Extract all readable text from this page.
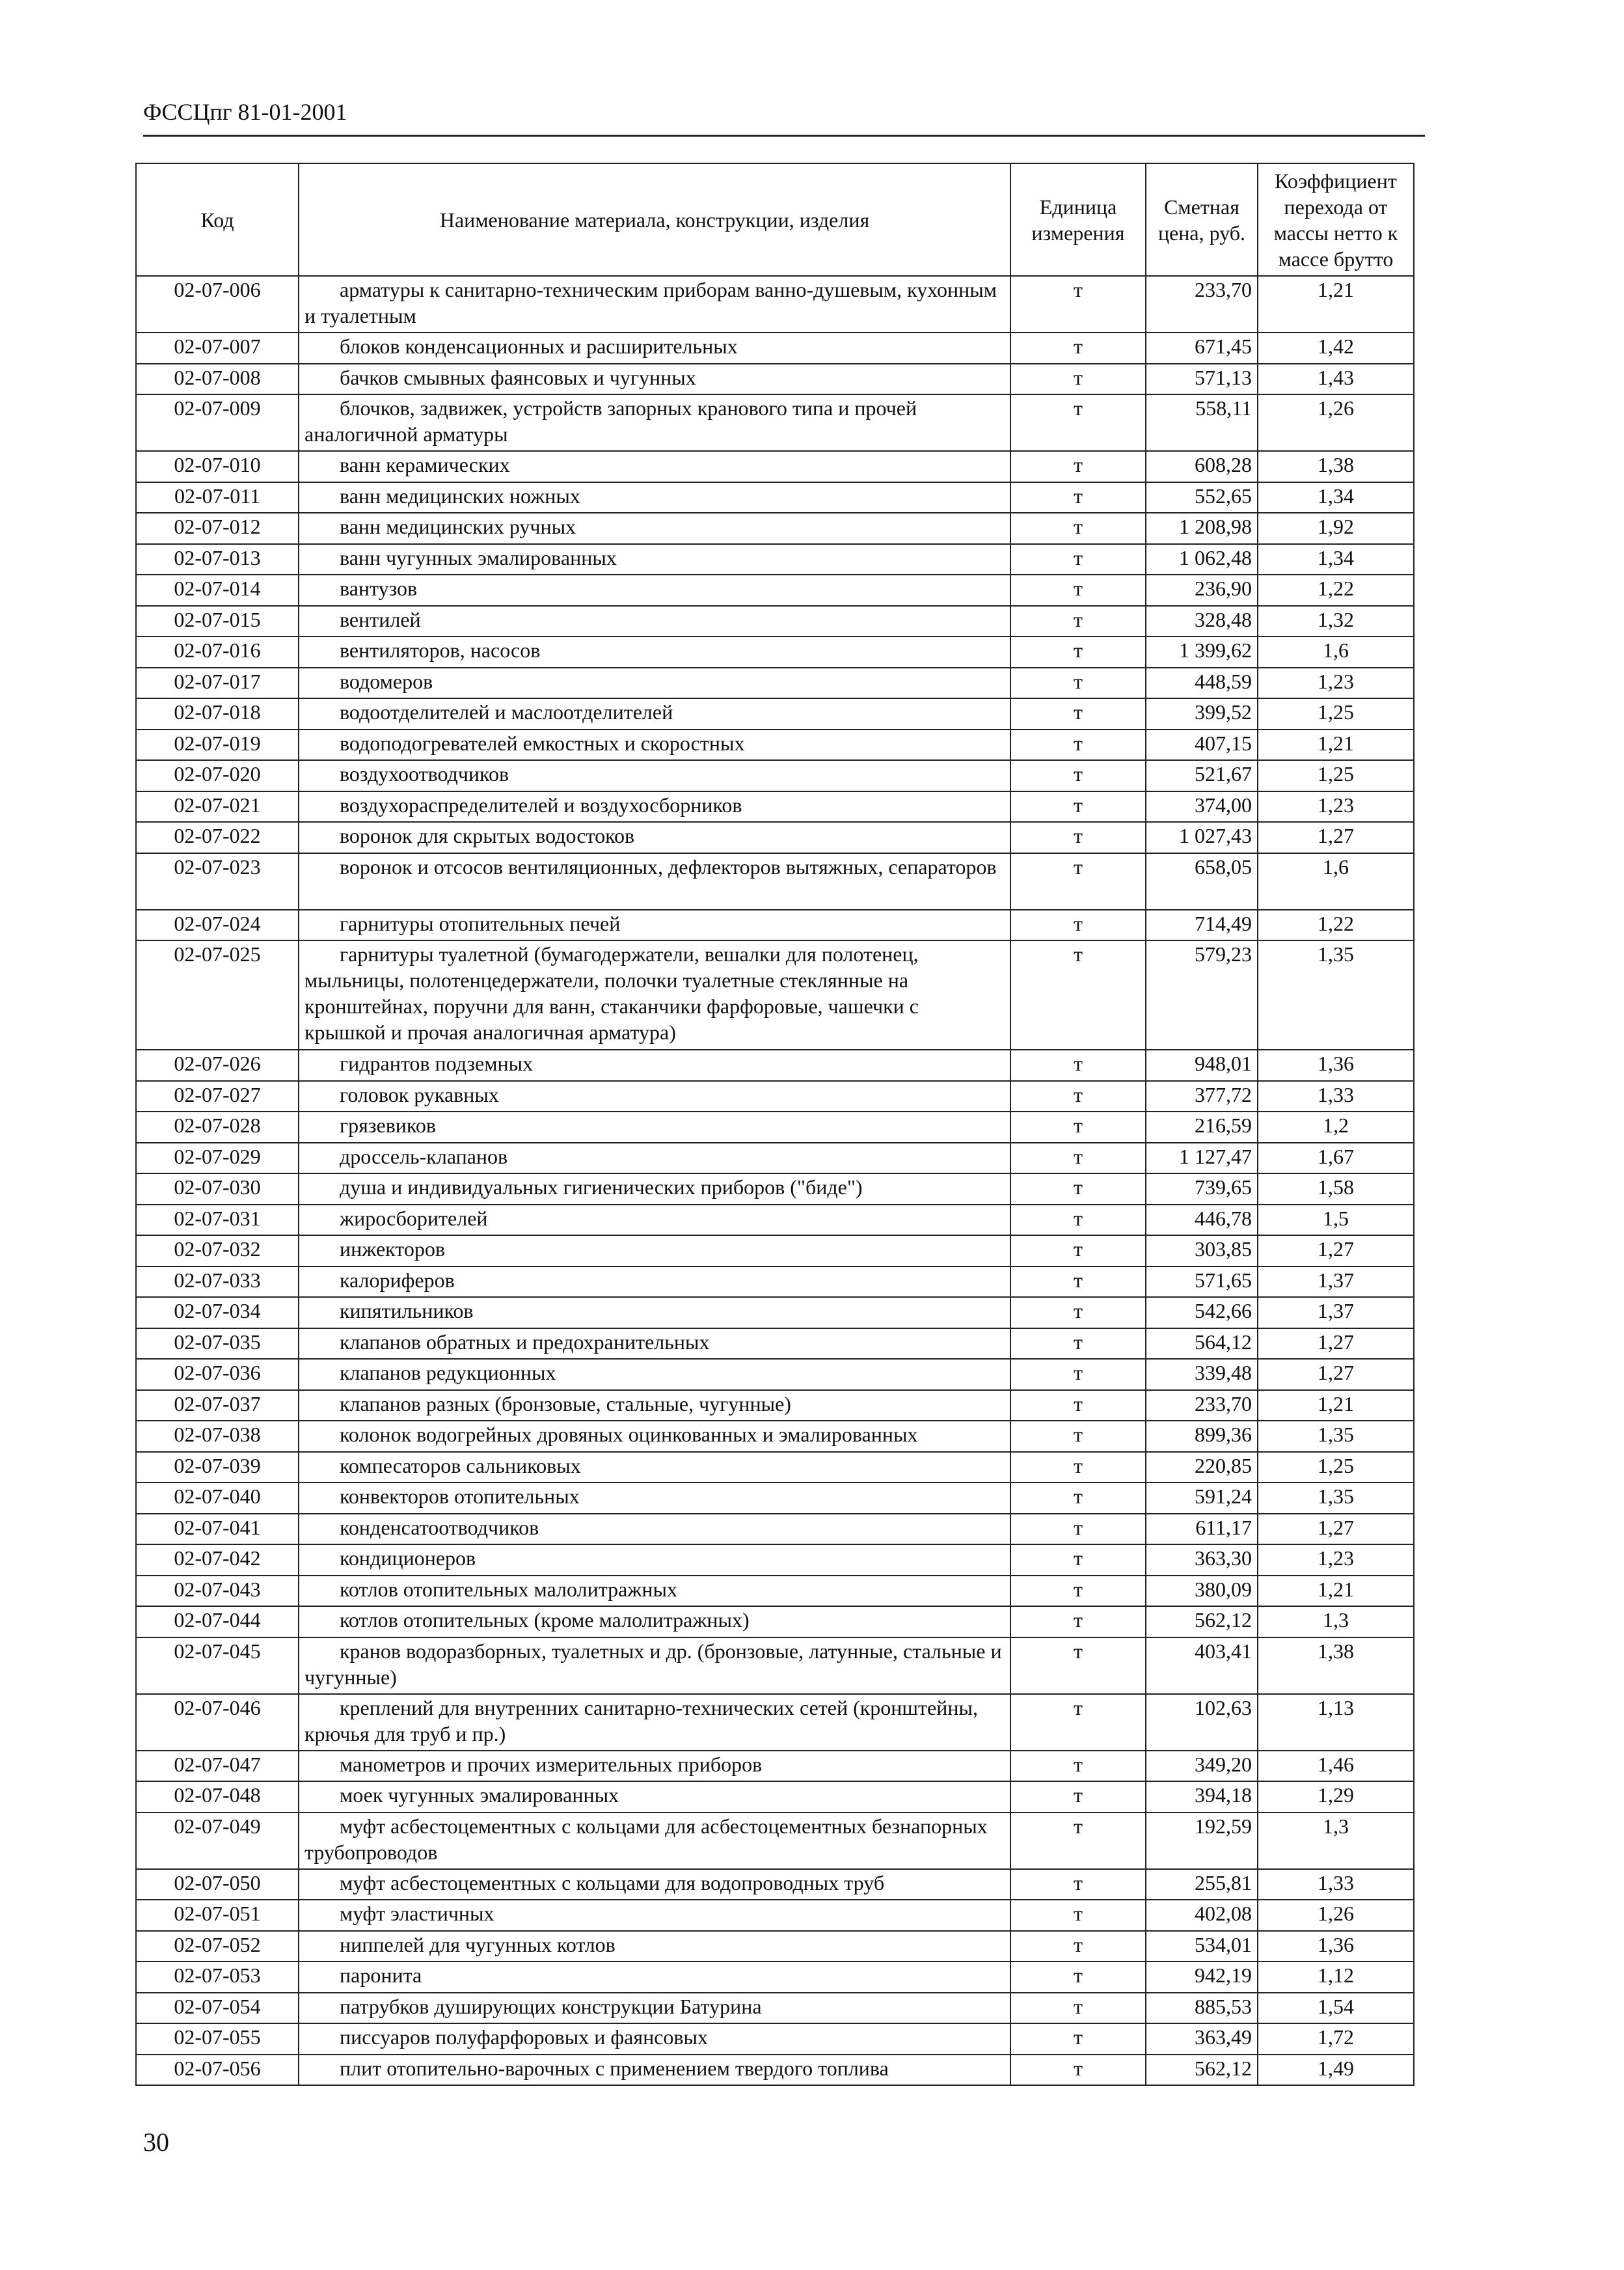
ФССЦпг 81-01-2001
Код	Наименование материала, конструкции, изделия	Единица измерения	Сметная цена, руб.	Коэффициент перехода от массы нетто к массе брутто
02-07-006	арматуры к санитарно-техническим приборам ванно-душевым, кухонным и туалетным	т	233,70	1,21
02-07-007	блоков конденсационных и расширительных	т	671,45	1,42
02-07-008	бачков смывных фаянсовых и чугунных	т	571,13	1,43
02-07-009	блочков, задвижек, устройств запорных кранового типа и прочей аналогичной арматуры	т	558,11	1,26
02-07-010	ванн керамических	т	608,28	1,38
02-07-011	ванн медицинских ножных	т	552,65	1,34
02-07-012	ванн медицинских ручных	т	1 208,98	1,92
02-07-013	ванн чугунных эмалированных	т	1 062,48	1,34
02-07-014	вантузов	т	236,90	1,22
02-07-015	вентилей	т	328,48	1,32
02-07-016	вентиляторов, насосов	т	1 399,62	1,6
02-07-017	водомеров	т	448,59	1,23
02-07-018	водоотделителей и маслоотделителей	т	399,52	1,25
02-07-019	водоподогревателей емкостных и скоростных	т	407,15	1,21
02-07-020	воздухоотводчиков	т	521,67	1,25
02-07-021	воздухораспределителей и воздухосборников	т	374,00	1,23
02-07-022	воронок для скрытых водостоков	т	1 027,43	1,27
02-07-023	воронок и отсосов вентиляционных, дефлекторов вытяжных, сепараторов	т	658,05	1,6
02-07-024	гарнитуры отопительных печей	т	714,49	1,22
02-07-025	гарнитуры туалетной (бумагодержатели, вешалки для полотенец, мыльницы, полотенцедержатели, полочки туалетные стеклянные на кронштейнах, поручни для ванн, стаканчики фарфоровые, чашечки с крышкой и прочая аналогичная арматура)	т	579,23	1,35
02-07-026	гидрантов подземных	т	948,01	1,36
02-07-027	головок рукавных	т	377,72	1,33
02-07-028	грязевиков	т	216,59	1,2
02-07-029	дроссель-клапанов	т	1 127,47	1,67
02-07-030	душа и индивидуальных гигиенических приборов ("биде")	т	739,65	1,58
02-07-031	жиросборителей	т	446,78	1,5
02-07-032	инжекторов	т	303,85	1,27
02-07-033	калориферов	т	571,65	1,37
02-07-034	кипятильников	т	542,66	1,37
02-07-035	клапанов обратных и предохранительных	т	564,12	1,27
02-07-036	клапанов редукционных	т	339,48	1,27
02-07-037	клапанов разных (бронзовые, стальные, чугунные)	т	233,70	1,21
02-07-038	колонок водогрейных дровяных оцинкованных и эмалированных	т	899,36	1,35
02-07-039	компесаторов сальниковых	т	220,85	1,25
02-07-040	конвекторов отопительных	т	591,24	1,35
02-07-041	конденсатоотводчиков	т	611,17	1,27
02-07-042	кондиционеров	т	363,30	1,23
02-07-043	котлов отопительных малолитражных	т	380,09	1,21
02-07-044	котлов отопительных (кроме малолитражных)	т	562,12	1,3
02-07-045	кранов водоразборных, туалетных и др. (бронзовые, латунные, стальные и чугунные)	т	403,41	1,38
02-07-046	креплений для внутренних санитарно-технических сетей (кронштейны, крючья для труб и пр.)	т	102,63	1,13
02-07-047	манометров и прочих измерительных приборов	т	349,20	1,46
02-07-048	моек чугунных эмалированных	т	394,18	1,29
02-07-049	муфт асбестоцементных с кольцами для асбестоцементных безнапорных трубопроводов	т	192,59	1,3
02-07-050	муфт асбестоцементных с кольцами для водопроводных труб	т	255,81	1,33
02-07-051	муфт эластичных	т	402,08	1,26
02-07-052	ниппелей для чугунных котлов	т	534,01	1,36
02-07-053	паронита	т	942,19	1,12
02-07-054	патрубков душирующих конструкции Батурина	т	885,53	1,54
02-07-055	писсуаров полуфарфоровых и фаянсовых	т	363,49	1,72
02-07-056	плит отопительно-варочных с применением твердого топлива	т	562,12	1,49
30
